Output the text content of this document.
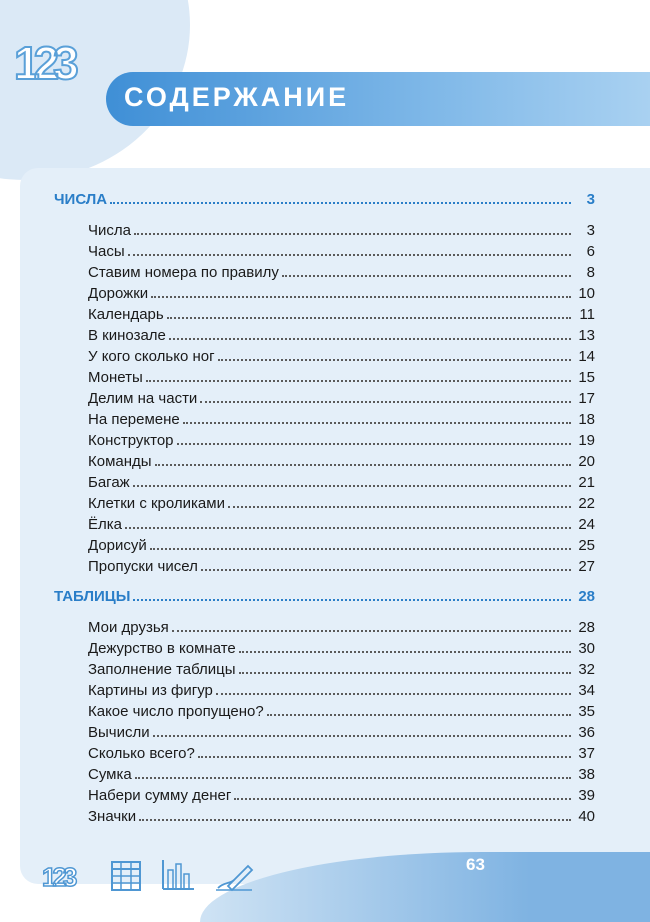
123
СОДЕРЖАНИЕ
ЧИСЛА	3
Числа	3
Часы	6
Ставим номера по правилу	8
Дорожки	10
Календарь	11
В кинозале	13
У кого сколько ног	14
Монеты	15
Делим на части	17
На перемене	18
Конструктор	19
Команды	20
Багаж	21
Клетки с кроликами	22
Ёлка	24
Дорисуй	25
Пропуски чисел	27
ТАБЛИЦЫ	28
Мои друзья	28
Дежурство в комнате	30
Заполнение таблицы	32
Картины из фигур	34
Какое число пропущено?	35
Вычисли	36
Сколько всего?	37
Сумка	38
Набери сумму денег	39
Значки	40
123	63
